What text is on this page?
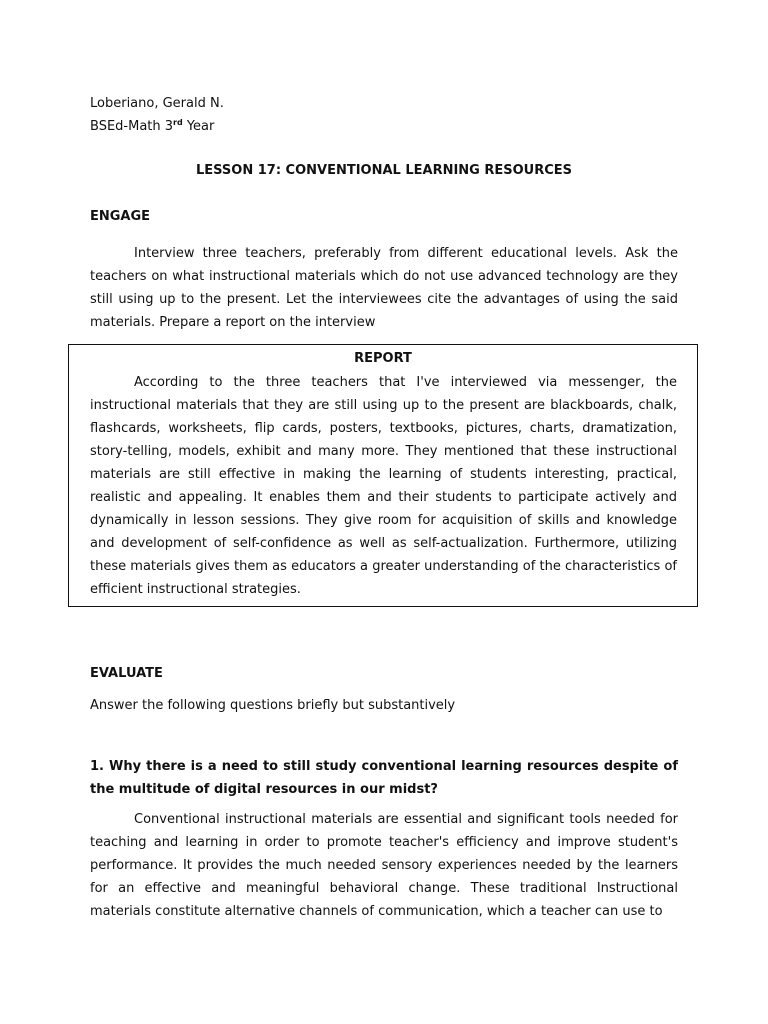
Loberiano, Gerald N.
BSEd-Math 3rd Year
LESSON 17: CONVENTIONAL LEARNING RESOURCES
ENGAGE

Interview three teachers, preferably from different educational levels. Ask the teachers on what instructional materials which do not use advanced technology are they still using up to the present. Let the interviewees cite the advantages of using the said materials. Prepare a report on the interview

REPORT

According to the three teachers that I've interviewed via messenger, the instructional materials that they are still using up to the present are blackboards, chalk, flashcards, worksheets, flip cards, posters, textbooks, pictures, charts, dramatization, story-telling, models, exhibit and many more. They mentioned that these instructional materials are still effective in making the learning of students interesting, practical, realistic and appealing. It enables them and their students to participate actively and dynamically in lesson sessions. They give room for acquisition of skills and knowledge and development of self-confidence as well as self-actualization. Furthermore, utilizing these materials gives them as educators a greater understanding of the characteristics of efficient instructional strategies.

EVALUATE
Answer the following questions briefly but substantively

1. Why there is a need to still study conventional learning resources despite of the multitude of digital resources in our midst?

Conventional instructional materials are essential and significant tools needed for teaching and learning in order to promote teacher's efficiency and improve student's performance. It provides the much needed sensory experiences needed by the learners for an effective and meaningful behavioral change. These traditional Instructional materials constitute alternative channels of communication, which a teacher can use to
